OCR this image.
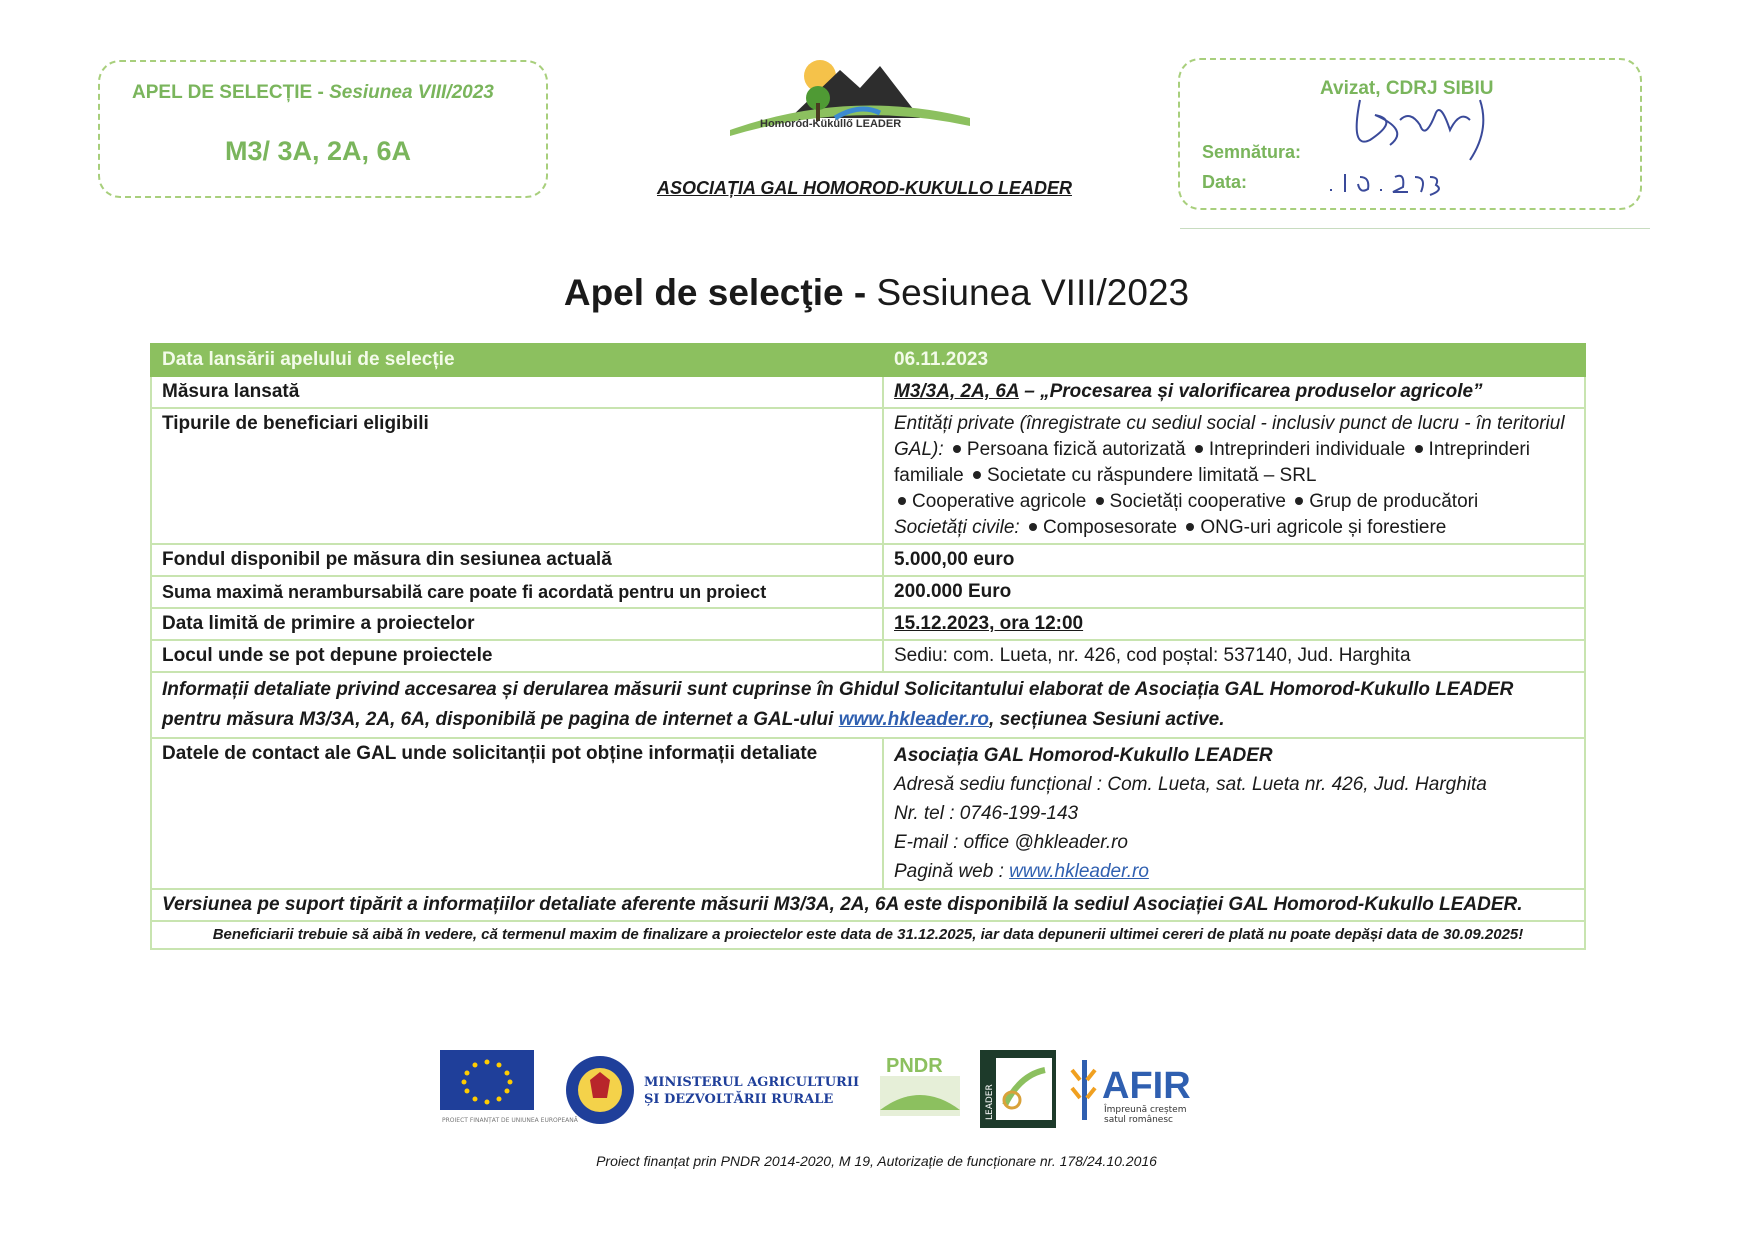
APEL DE SELECȚIE - Sesiunea VIII/2023
M3/ 3A, 2A, 6A
Homoród-Küküllő LEADER
ASOCIAȚIA GAL HOMOROD-KUKULLO LEADER
Avizat, CDRJ SIBIU
Semnătura:
Data:
Apel de selecţie - Sesiunea VIII/2023
Data lansării apelului de selecție	06.11.2023
Măsura lansată	M3/3A, 2A, 6A – „Procesarea și valorificarea produselor agricole”
Tipurile de beneficiari eligibili	Entități private (înregistrate cu sediul social - inclusiv punct de lucru - în teritoriul GAL): Persoana fizică autorizată Intreprinderi individuale Intreprinderi familiale Societate cu răspundere limitată – SRL
Cooperative agricole Societăți cooperative Grup de producători
Societăți civile: Composesorate ONG-uri agricole și forestiere
Fondul disponibil pe măsura din sesiunea actuală	5.000,00 euro
Suma maximă nerambursabilă care poate fi acordată pentru un proiect	200.000 Euro
Data limită de primire a proiectelor	15.12.2023, ora 12:00
Locul unde se pot depune proiectele	Sediu: com. Lueta, nr. 426, cod poștal: 537140, Jud. Harghita
Informații detaliate privind accesarea și derularea măsurii sunt cuprinse în Ghidul Solicitantului elaborat de Asociația GAL Homorod-Kukullo LEADER pentru măsura M3/3A, 2A, 6A, disponibilă pe pagina de internet a GAL-ului www.hkleader.ro, secțiunea Sesiuni active.	
Datele de contact ale GAL unde solicitanții pot obține informații detaliate	Asociația GAL Homorod-Kukullo LEADER
Adresă sediu funcțional : Com. Lueta, sat. Lueta nr. 426, Jud. Harghita
Nr. tel : 0746-199-143
E-mail : office @hkleader.ro
Pagină web : www.hkleader.ro

Versiunea pe suport tipărit a informațiilor detaliate aferente măsurii M3/3A, 2A, 6A este disponibilă la sediul Asociației GAL Homorod-Kukullo LEADER.	
Beneficiarii trebuie să aibă în vedere, că termenul maxim de finalizare a proiectelor este data de 31.12.2025, iar data depunerii ultimei cereri de plată nu poate depăși data de 30.09.2025!	
PROIECT FINANȚAT DE UNIUNEA EUROPEANĂ
MINISTERUL AGRICULTURII
ȘI DEZVOLTĂRII RURALE
PNDR
LEADER	AFIR
Împreună creștem
satul românesc
Proiect finanțat prin PNDR 2014-2020, M 19, Autorizație de funcționare nr. 178/24.10.2016
